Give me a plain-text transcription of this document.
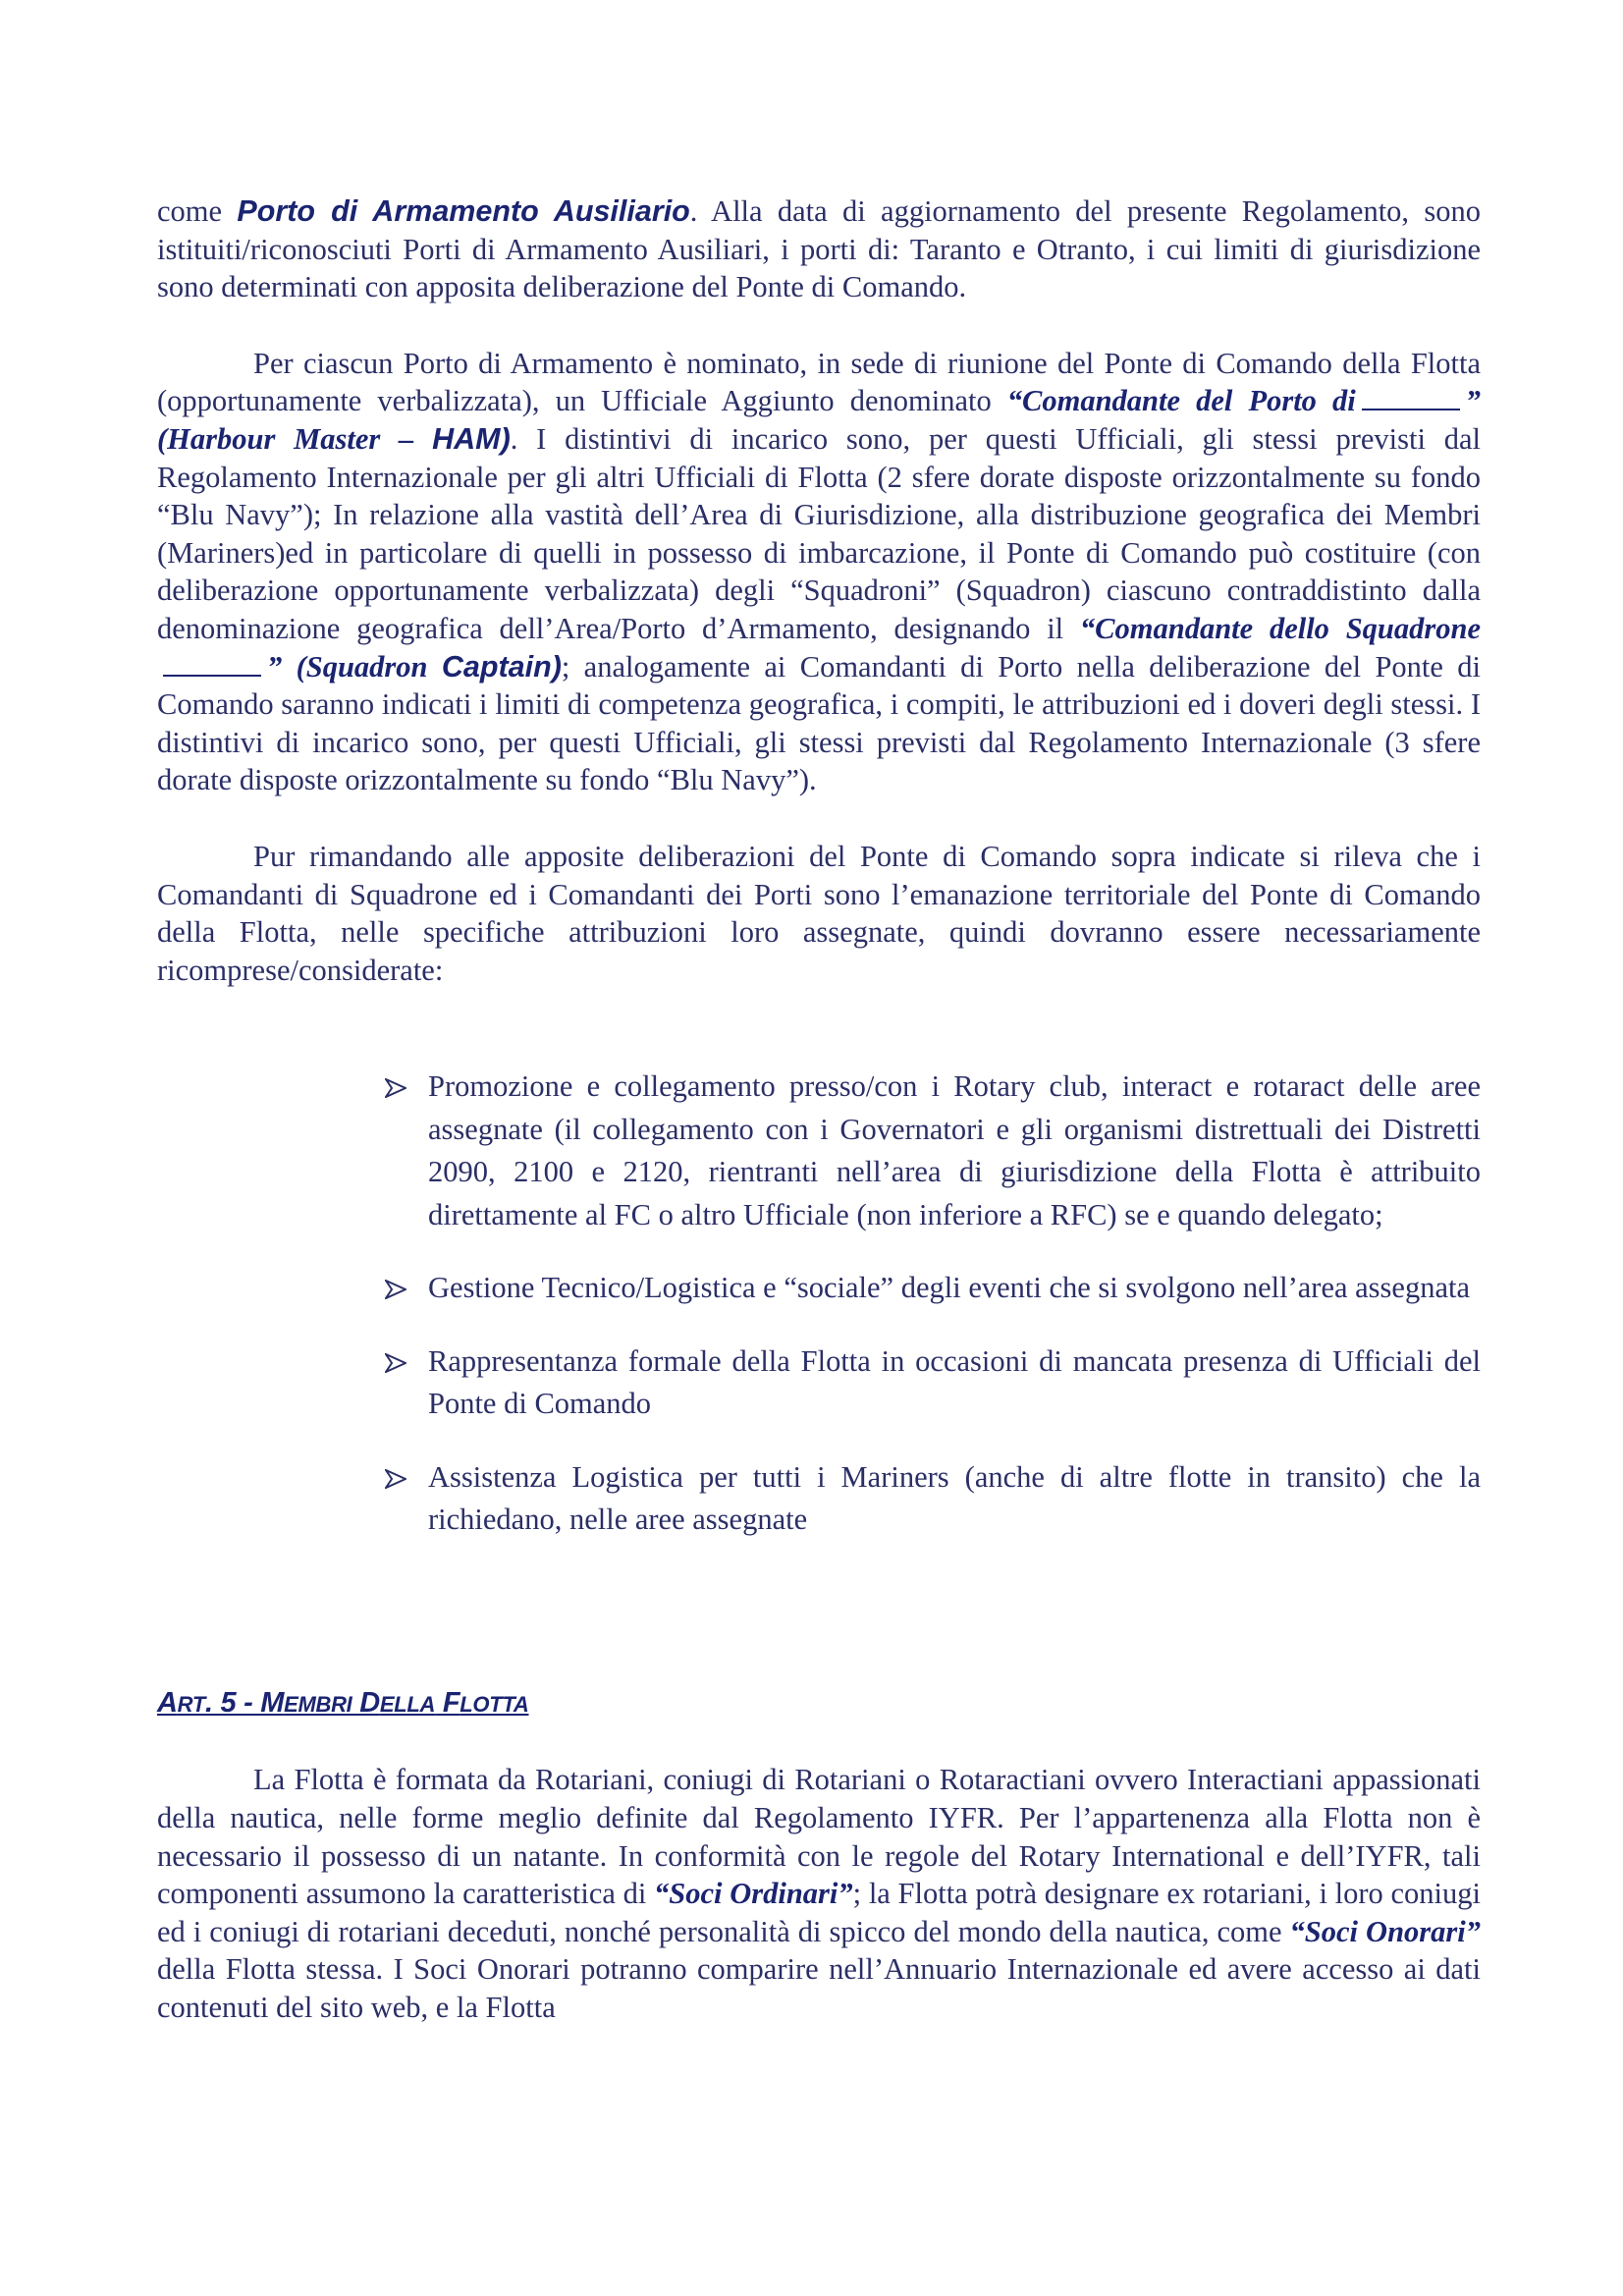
come Porto di Armamento Ausiliario. Alla data di aggiornamento del presente Regolamento, sono istituiti/riconosciuti Porti di Armamento Ausiliari, i porti di: Taranto e Otranto, i cui limiti di giurisdizione sono determinati con apposita deliberazione del Ponte di Comando.

Per ciascun Porto di Armamento è nominato, in sede di riunione del Ponte di Comando della Flotta (opportunamente verbalizzata), un Ufficiale Aggiunto denominato “Comandante del Porto di	” (Harbour Master – HAM). I distintivi di incarico sono, per questi Ufficiali, gli stessi previsti dal Regolamento Internazionale per gli altri Ufficiali di Flotta (2 sfere dorate disposte orizzontalmente su fondo “Blu Navy”); In relazione alla vastità dell’Area di Giurisdizione, alla distribuzione geografica dei Membri (Mariners)ed in particolare di quelli in possesso di imbarcazione, il Ponte di Comando può costituire (con deliberazione opportunamente verbalizzata) degli “Squadroni” (Squadron) ciascuno contraddistinto dalla denominazione geografica dell’Area/Porto d’Armamento, designando il “Comandante dello Squadrone” (Squadron Captain); analogamente ai Comandanti di Porto nella deliberazione del Ponte di Comando saranno indicati i limiti di competenza geografica, i compiti, le attribuzioni ed i doveri degli stessi. I distintivi di incarico sono, per questi Ufficiali, gli stessi previsti dal Regolamento Internazionale (3 sfere dorate disposte orizzontalmente su fondo “Blu Navy”).

Pur rimandando alle apposite deliberazioni del Ponte di Comando sopra indicate si rileva che i Comandanti di Squadrone ed i Comandanti dei Porti sono l’emanazione territoriale del Ponte di Comando della Flotta, nelle specifiche attribuzioni loro assegnate, quindi dovranno essere necessariamente ricomprese/considerate:

Promozione e collegamento presso/con i Rotary club, interact e rotaract delle aree assegnate (il collegamento con i Governatori e gli organismi distrettuali dei Distretti 2090, 2100 e 2120, rientranti nell’area di giurisdizione della Flotta è attribuito direttamente al FC o altro Ufficiale (non inferiore a RFC) se e quando delegato;
Gestione Tecnico/Logistica e “sociale” degli eventi che si svolgono nell’area assegnata
Rappresentanza formale della Flotta in occasioni di mancata presenza di Ufficiali del Ponte di Comando
Assistenza Logistica per tutti i Mariners (anche di altre flotte in transito) che la richiedano, nelle aree assegnate
ART. 5 - MEMBRI DELLA FLOTTA

La Flotta è formata da Rotariani, coniugi di Rotariani o Rotaractiani ovvero Interactiani appassionati della nautica, nelle forme meglio definite dal Regolamento IYFR. Per l’appartenenza alla Flotta non è necessario il possesso di un natante. In conformità con le regole del Rotary International e dell’IYFR, tali componenti assumono la caratteristica di “Soci Ordinari”; la Flotta potrà designare ex rotariani, i loro coniugi ed i coniugi di rotariani deceduti, nonché personalità di spicco del mondo della nautica, come “Soci Onorari” della Flotta stessa. I Soci Onorari potranno comparire nell’Annuario Internazionale ed avere accesso ai dati contenuti del sito web, e la Flotta
